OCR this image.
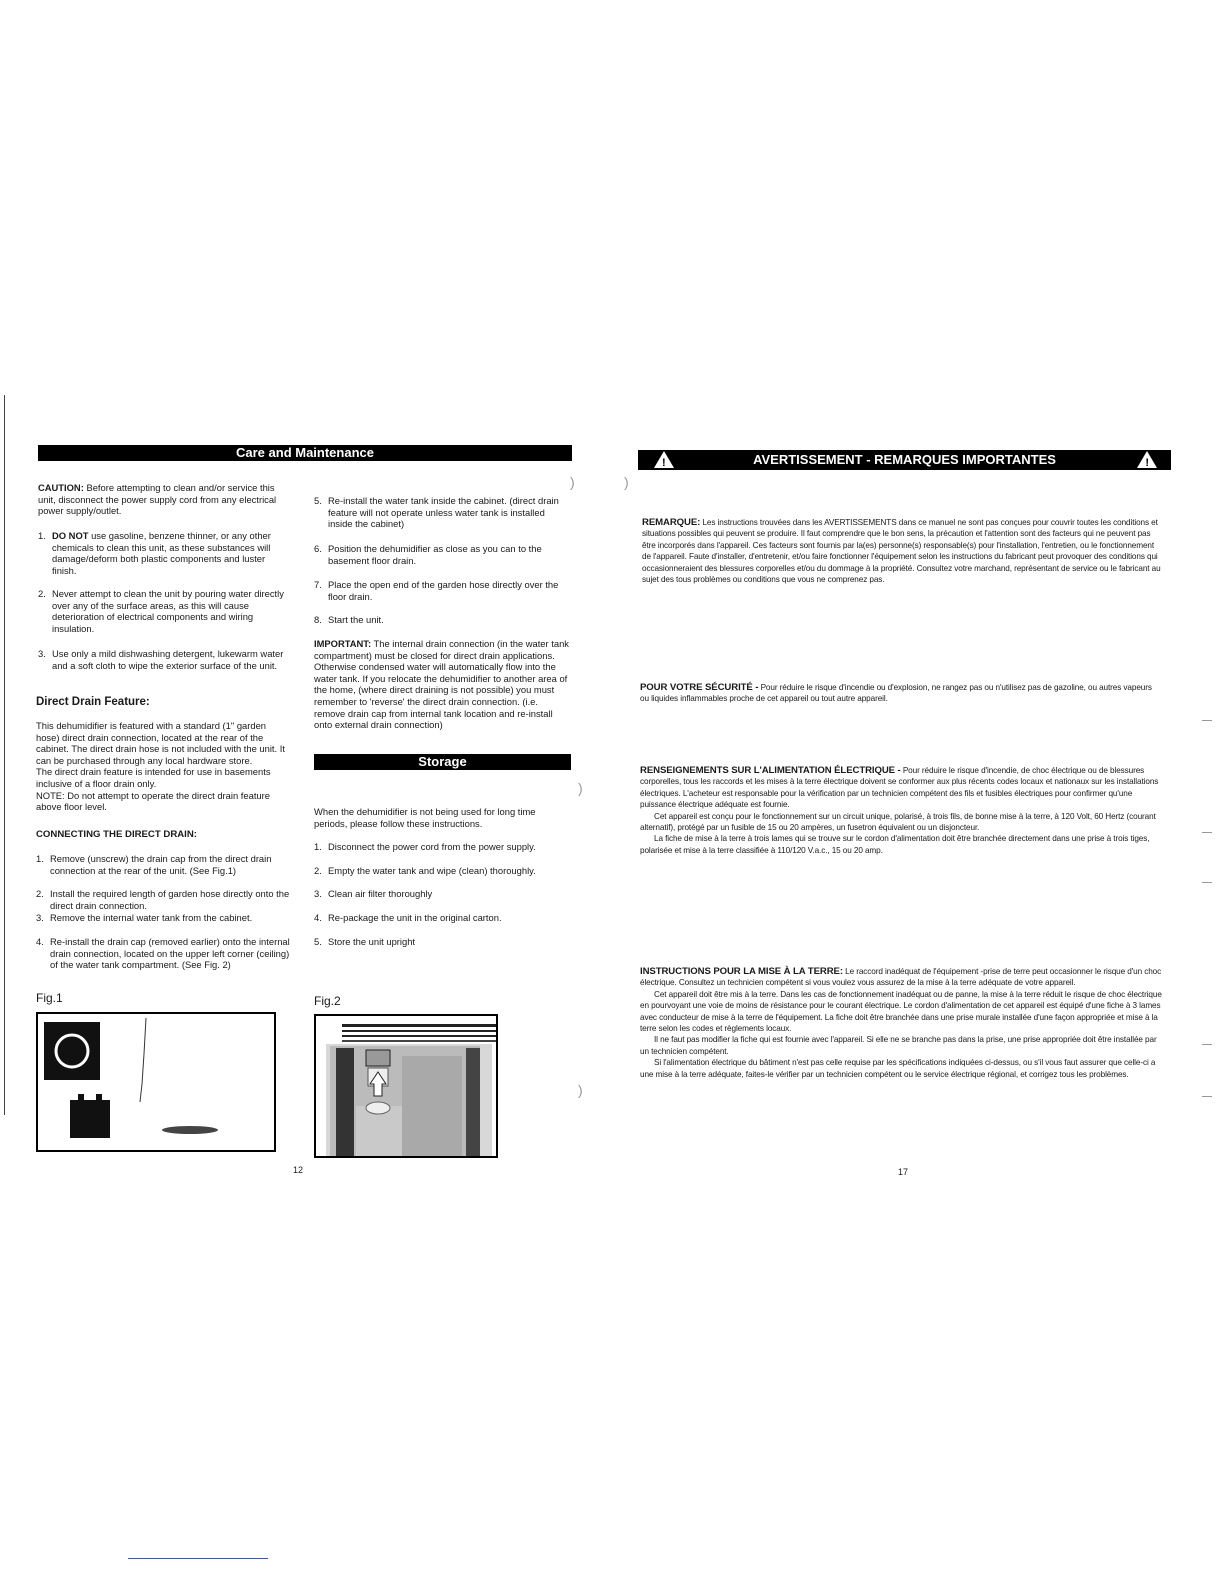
Care and Maintenance

CAUTION: Before attempting to clean and/or service this unit, disconnect the power supply cord from any electrical power supply/outlet.

1. DO NOT use gasoline, benzene thinner, or any other chemicals to clean this unit, as these substances will damage/deform both plastic components and luster finish.
2. Never attempt to clean the unit by pouring water directly over any of the surface areas, as this will cause deterioration of electrical components and wiring insulation.
3. Use only a mild dishwashing detergent, lukewarm water and a soft cloth to wipe the exterior surface of the unit.
Direct Drain Feature:

This dehumidifier is featured with a standard (1" garden hose) direct drain connection, located at the rear of the cabinet. The direct drain hose is not included with the unit. It can be purchased through any local hardware store.

The direct drain feature is intended for use in basements inclusive of a floor drain only.

NOTE: Do not attempt to operate the direct drain feature above floor level.

CONNECTING THE DIRECT DRAIN:
1. Remove (unscrew) the drain cap from the direct drain connection at the rear of the unit. (See Fig.1)
2. Install the required length of garden hose directly onto the direct drain connection.
3. Remove the internal water tank from the cabinet.
4. Re-install the drain cap (removed earlier) onto the internal drain connection, located on the upper left corner (ceiling) of the water tank compartment. (See Fig. 2)
Fig.1
5. Re-install the water tank inside the cabinet. (direct drain feature will not operate unless water tank is installed inside the cabinet)
6. Position the dehumidifier as close as you can to the basement floor drain.
7. Place the open end of the garden hose directly over the floor drain.
8. Start the unit.

IMPORTANT: The internal drain connection (in the water tank compartment) must be closed for direct drain applications. Otherwise condensed water will automatically flow into the water tank. If you relocate the dehumidifier to another area of the home, (where direct draining is not possible) you must remember to 'reverse' the direct drain connection. (i.e. remove drain cap from internal tank location and re-install onto external drain connection)

Storage

When the dehumidifier is not being used for long time periods, please follow these instructions.

1. Disconnect the power cord from the power supply.
2. Empty the water tank and wipe (clean) thoroughly.
3. Clean air filter thoroughly
4. Re-package the unit in the original carton.
5. Store the unit upright
Fig.2
12
)	)
)
)
!	AVERTISSEMENT - REMARQUES IMPORTANTES	!
REMARQUE: Les instructions trouvées dans les AVERTISSEMENTS dans ce manuel ne sont pas conçues pour couvrir toutes les conditions et situations possibles qui peuvent se produire. Il faut comprendre que le bon sens, la précaution et l'attention sont des facteurs qui ne peuvent pas être incorporés dans l'appareil. Ces facteurs sont fournis par la(es) personne(s) responsable(s) pour l'installation, l'entretien, ou le fonctionnement de l'appareil. Faute d'installer, d'entretenir, et/ou faire fonctionner l'équipement selon les instructions du fabricant peut provoquer des conditions qui occasionneraient des blessures corporelles et/ou du dommage à la propriété. Consultez votre marchand, représentant de service ou le fabricant au sujet des tous problèmes ou conditions que vous ne comprenez pas.
POUR VOTRE SÉCURITÉ - Pour réduire le risque d'incendie ou d'explosion, ne rangez pas ou n'utilisez pas de gazoline, ou autres vapeurs ou liquides inflammables proche de cet appareil ou tout autre appareil.
RENSEIGNEMENTS SUR L'ALIMENTATION ÉLECTRIQUE - Pour réduire le risque d'incendie, de choc électrique ou de blessures corporelles, tous les raccords et les mises à la terre électrique doivent se conformer aux plus récents codes locaux et nationaux sur les installations électriques. L'acheteur est responsable pour la vérification par un technicien compétent des fils et fusibles électriques pour confirmer qu'une puissance électrique adéquate est fournie.
Cet appareil est conçu pour le fonctionnement sur un circuit unique, polarisé, à trois fils, de bonne mise à la terre, à 120 Volt, 60 Hertz (courant alternatif), protégé par un fusible de 15 ou 20 ampères, un fusetron équivalent ou un disjoncteur.
La fiche de mise à la terre à trois lames qui se trouve sur le cordon d'alimentation doit être branchée directement dans une prise à trois tiges, polarisée et mise à la terre classifiée à 110/120 V.a.c., 15 ou 20 amp.
INSTRUCTIONS POUR LA MISE À LA TERRE: Le raccord inadéquat de l'équipement -prise de terre peut occasionner le risque d'un choc électrique. Consultez un technicien compétent si vous voulez vous assurez de la mise à la terre adéquate de votre appareil.
Cet appareil doit être mis à la terre. Dans les cas de fonctionnement inadéquat ou de panne, la mise à la terre réduit le risque de choc électrique en pourvoyant une voie de moins de résistance pour le courant électrique. Le cordon d'alimentation de cet appareil est équipé d'une fiche à 3 lames avec conducteur de mise à la terre de l'équipement. La fiche doit être branchée dans une prise murale installée d'une façon appropriée et mise à la terre selon les codes et règlements locaux.
Il ne faut pas modifier la fiche qui est fournie avec l'appareil. Si elle ne se branche pas dans la prise, une prise appropriée doit être installée par un technicien compétent.
Si l'alimentation électrique du bâtiment n'est pas celle requise par les spécifications indiquées ci-dessus, ou s'il vous faut assurer que celle-ci a une mise à la terre adéquate, faites-le vérifier par un technicien compétent ou le service électrique régional, et corrigez tous les problèmes.
17
